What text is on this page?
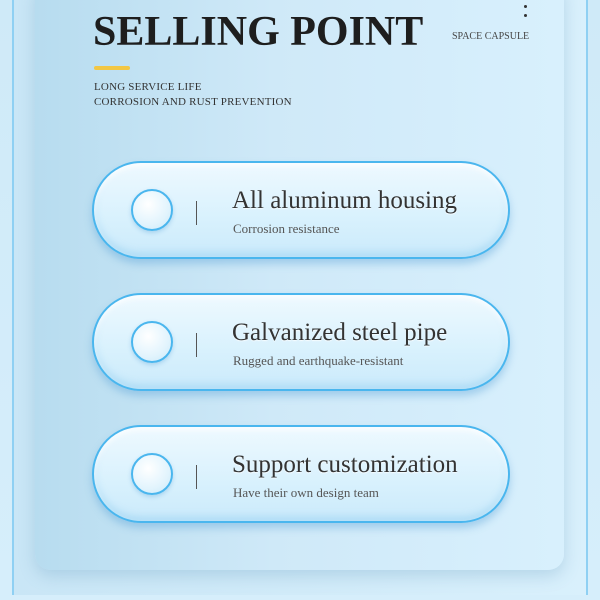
SELLING POINT	SPACE CAPSULE
LONG SERVICE LIFE
CORROSION AND RUST PREVENTION
All aluminum housing
Corrosion resistance
Galvanized steel pipe
Rugged and earthquake-resistant
Support customization
Have their own design team
